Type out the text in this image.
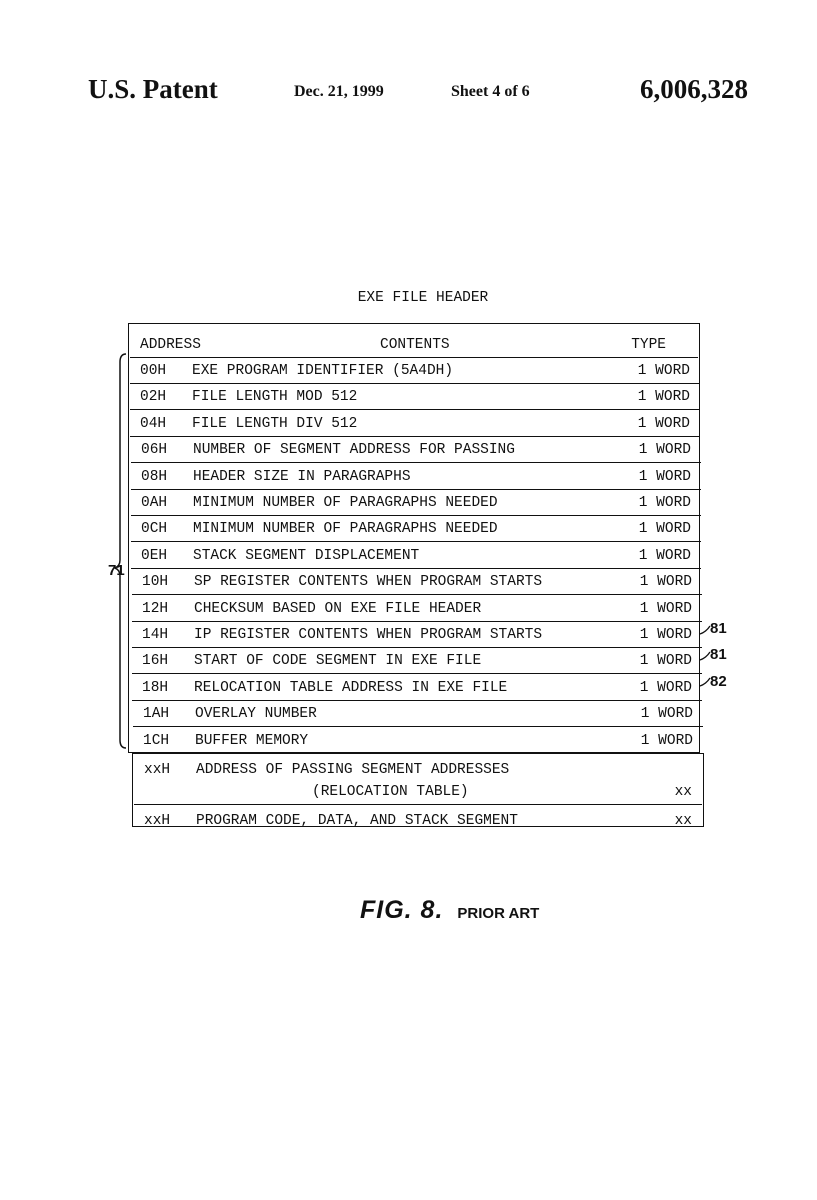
U.S. Patent	Dec. 21, 1999	Sheet 4 of 6	6,006,328
EXE FILE HEADER
ADDRESS	CONTENTS	TYPE
00H EXE PROGRAM IDENTIFIER (5A4DH)	1 WORD
02H FILE LENGTH MOD 512	1 WORD
04H FILE LENGTH DIV 512	1 WORD
06H NUMBER OF SEGMENT ADDRESS FOR PASSING	1 WORD
08H HEADER SIZE IN PARAGRAPHS	1 WORD
0AH MINIMUM NUMBER OF PARAGRAPHS NEEDED	1 WORD
0CH MINIMUM NUMBER OF PARAGRAPHS NEEDED	1 WORD
0EH STACK SEGMENT DISPLACEMENT	1 WORD
10H SP REGISTER CONTENTS WHEN PROGRAM STARTS	1 WORD
12H CHECKSUM BASED ON EXE FILE HEADER	1 WORD
14H IP REGISTER CONTENTS WHEN PROGRAM STARTS	1 WORD
16H START OF CODE SEGMENT IN EXE FILE	1 WORD
18H RELOCATION TABLE ADDRESS IN EXE FILE	1 WORD
1AH OVERLAY NUMBER	1 WORD
1CH BUFFER MEMORY	1 WORD
xxH ADDRESS OF PASSING SEGMENT ADDRESSES
(RELOCATION TABLE)	xx
xxH PROGRAM CODE, DATA, AND STACK SEGMENT	xx
71
81
81
82
FIG. 8. PRIOR ART
